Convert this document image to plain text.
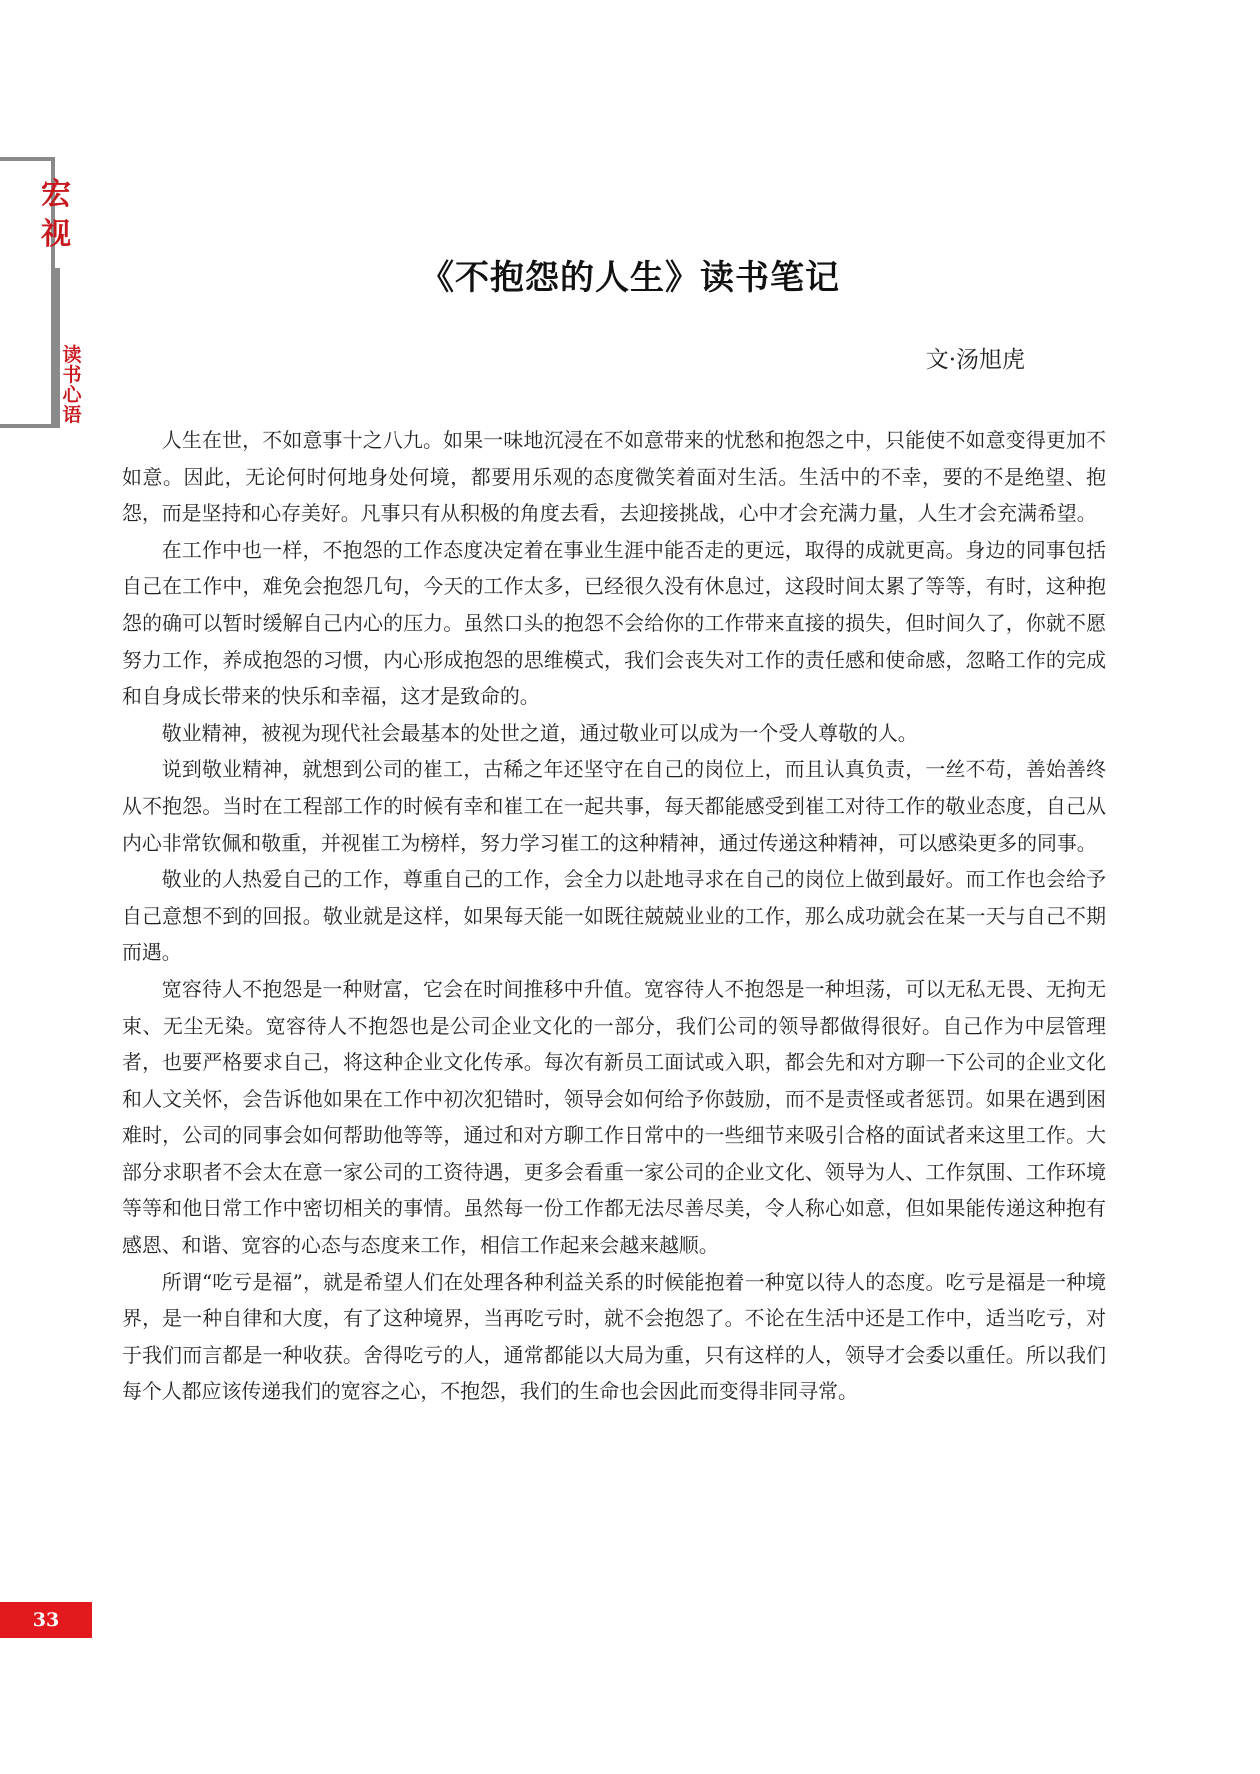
宏
视
读书心语
《不抱怨的人生》读书笔记
文·汤旭虎

人生在世，不如意事十之八九。如果一味地沉浸在不如意带来的忧愁和抱怨之中，只能使不如意变得更加不如意。因此，无论何时何地身处何境，都要用乐观的态度微笑着面对生活。生活中的不幸，要的不是绝望、抱怨，而是坚持和心存美好。凡事只有从积极的角度去看，去迎接挑战，心中才会充满力量，人生才会充满希望。

在工作中也一样，不抱怨的工作态度决定着在事业生涯中能否走的更远，取得的成就更高。身边的同事包括自己在工作中，难免会抱怨几句，今天的工作太多，已经很久没有休息过，这段时间太累了等等，有时，这种抱怨的确可以暂时缓解自己内心的压力。虽然口头的抱怨不会给你的工作带来直接的损失，但时间久了，你就不愿努力工作，养成抱怨的习惯，内心形成抱怨的思维模式，我们会丧失对工作的责任感和使命感，忽略工作的完成和自身成长带来的快乐和幸福，这才是致命的。

敬业精神，被视为现代社会最基本的处世之道，通过敬业可以成为一个受人尊敬的人。

说到敬业精神，就想到公司的崔工，古稀之年还坚守在自己的岗位上，而且认真负责，一丝不苟，善始善终从不抱怨。当时在工程部工作的时候有幸和崔工在一起共事，每天都能感受到崔工对待工作的敬业态度，自己从内心非常钦佩和敬重，并视崔工为榜样，努力学习崔工的这种精神，通过传递这种精神，可以感染更多的同事。

敬业的人热爱自己的工作，尊重自己的工作，会全力以赴地寻求在自己的岗位上做到最好。而工作也会给予自己意想不到的回报。敬业就是这样，如果每天能一如既往兢兢业业的工作，那么成功就会在某一天与自己不期而遇。

宽容待人不抱怨是一种财富，它会在时间推移中升值。宽容待人不抱怨是一种坦荡，可以无私无畏、无拘无束、无尘无染。宽容待人不抱怨也是公司企业文化的一部分，我们公司的领导都做得很好。自己作为中层管理者，也要严格要求自己，将这种企业文化传承。每次有新员工面试或入职，都会先和对方聊一下公司的企业文化和人文关怀，会告诉他如果在工作中初次犯错时，领导会如何给予你鼓励，而不是责怪或者惩罚。如果在遇到困难时，公司的同事会如何帮助他等等，通过和对方聊工作日常中的一些细节来吸引合格的面试者来这里工作。大部分求职者不会太在意一家公司的工资待遇，更多会看重一家公司的企业文化、领导为人、工作氛围、工作环境等等和他日常工作中密切相关的事情。虽然每一份工作都无法尽善尽美，令人称心如意，但如果能传递这种抱有感恩、和谐、宽容的心态与态度来工作，相信工作起来会越来越顺。

所谓“吃亏是福”，就是希望人们在处理各种利益关系的时候能抱着一种宽以待人的态度。吃亏是福是一种境界，是一种自律和大度，有了这种境界，当再吃亏时，就不会抱怨了。不论在生活中还是工作中，适当吃亏，对于我们而言都是一种收获。舍得吃亏的人，通常都能以大局为重，只有这样的人，领导才会委以重任。所以我们每个人都应该传递我们的宽容之心，不抱怨，我们的生命也会因此而变得非同寻常。

33
